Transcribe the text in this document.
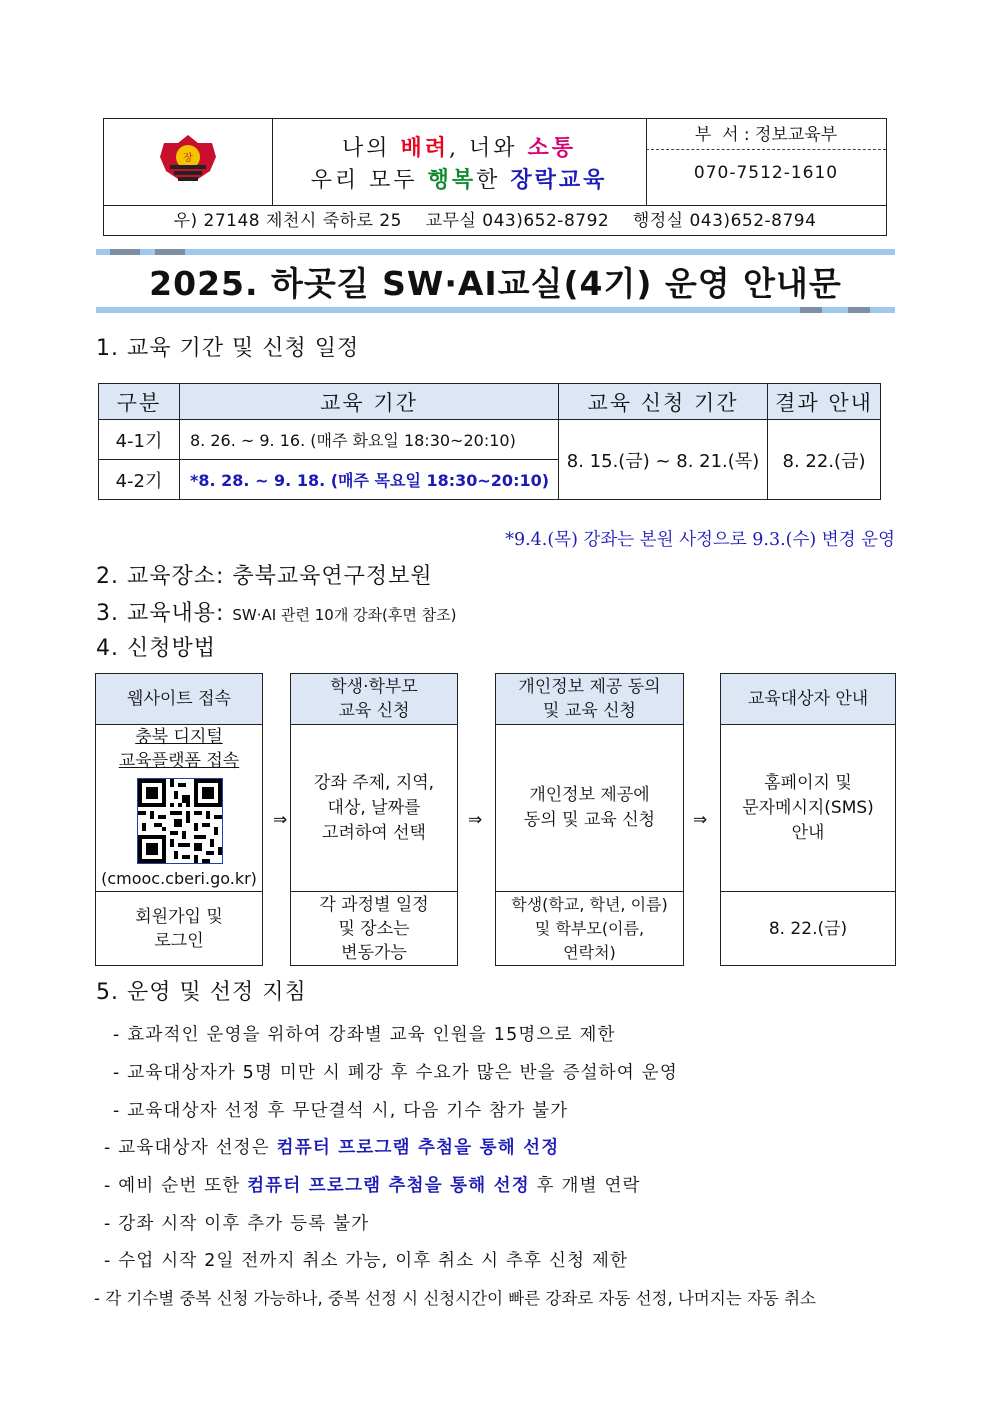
장	나의 배려, 너와 소통
우리 모두 행복한 장락교육
부  서 : 정보교육부
070-7512-1610
우) 27148 제천시 죽하로 25    교무실 043)652-8792    행정실 043)652-8794
2025. 하곳길 SW·AI교실(4기) 운영 안내문
1. 교육 기간 및 신청 일정
구분	교육 기간	교육 신청 기간	결과 안내
4-1기	8. 26. ~ 9. 16. (매주 화요일 18:30~20:10)	8. 15.(금) ~ 8. 21.(목)	8. 22.(금)
4-2기	*8. 28. ~ 9. 18. (매주 목요일 18:30~20:10)		
*9.4.(목) 강좌는 본원 사정으로 9.3.(수) 변경 운영
2. 교육장소: 충북교육연구정보원
3. 교육내용: SW·AI 관련 10개 강좌(후면 참조)
4. 신청방법
웹사이트 접속
충북 디지털
교육플랫폼 접속
(cmooc.cberi.go.kr)
회원가입 및
로그인
⇒
학생·학부모
교육 신청
강좌 주제, 지역,
대상, 날짜를
고려하여 선택
각 과정별 일정
및 장소는
변동가능
⇒
개인정보 제공 동의
및 교육 신청
개인정보 제공에
동의 및 교육 신청
학생(학교, 학년, 이름)
및 학부모(이름,
연락처)
⇒
교육대상자 안내
홈페이지 및
문자메시지(SMS)
안내
8. 22.(금)
5. 운영 및 선정 지침
- 효과적인 운영을 위하여 강좌별 교육 인원을 15명으로 제한
- 교육대상자가 5명 미만 시 폐강 후 수요가 많은 반을 증설하여 운영
- 교육대상자 선정 후 무단결석 시, 다음 기수 참가 불가
- 교육대상자 선정은 컴퓨터 프로그램 추첨을 통해 선정
- 예비 순번 또한 컴퓨터 프로그램 추첨을 통해 선정 후 개별 연락
- 강좌 시작 이후 추가 등록 불가
- 수업 시작 2일 전까지 취소 가능, 이후 취소 시 추후 신청 제한
- 각 기수별 중복 신청 가능하나, 중복 선정 시 신청시간이 빠른 강좌로 자동 선정, 나머지는 자동 취소
